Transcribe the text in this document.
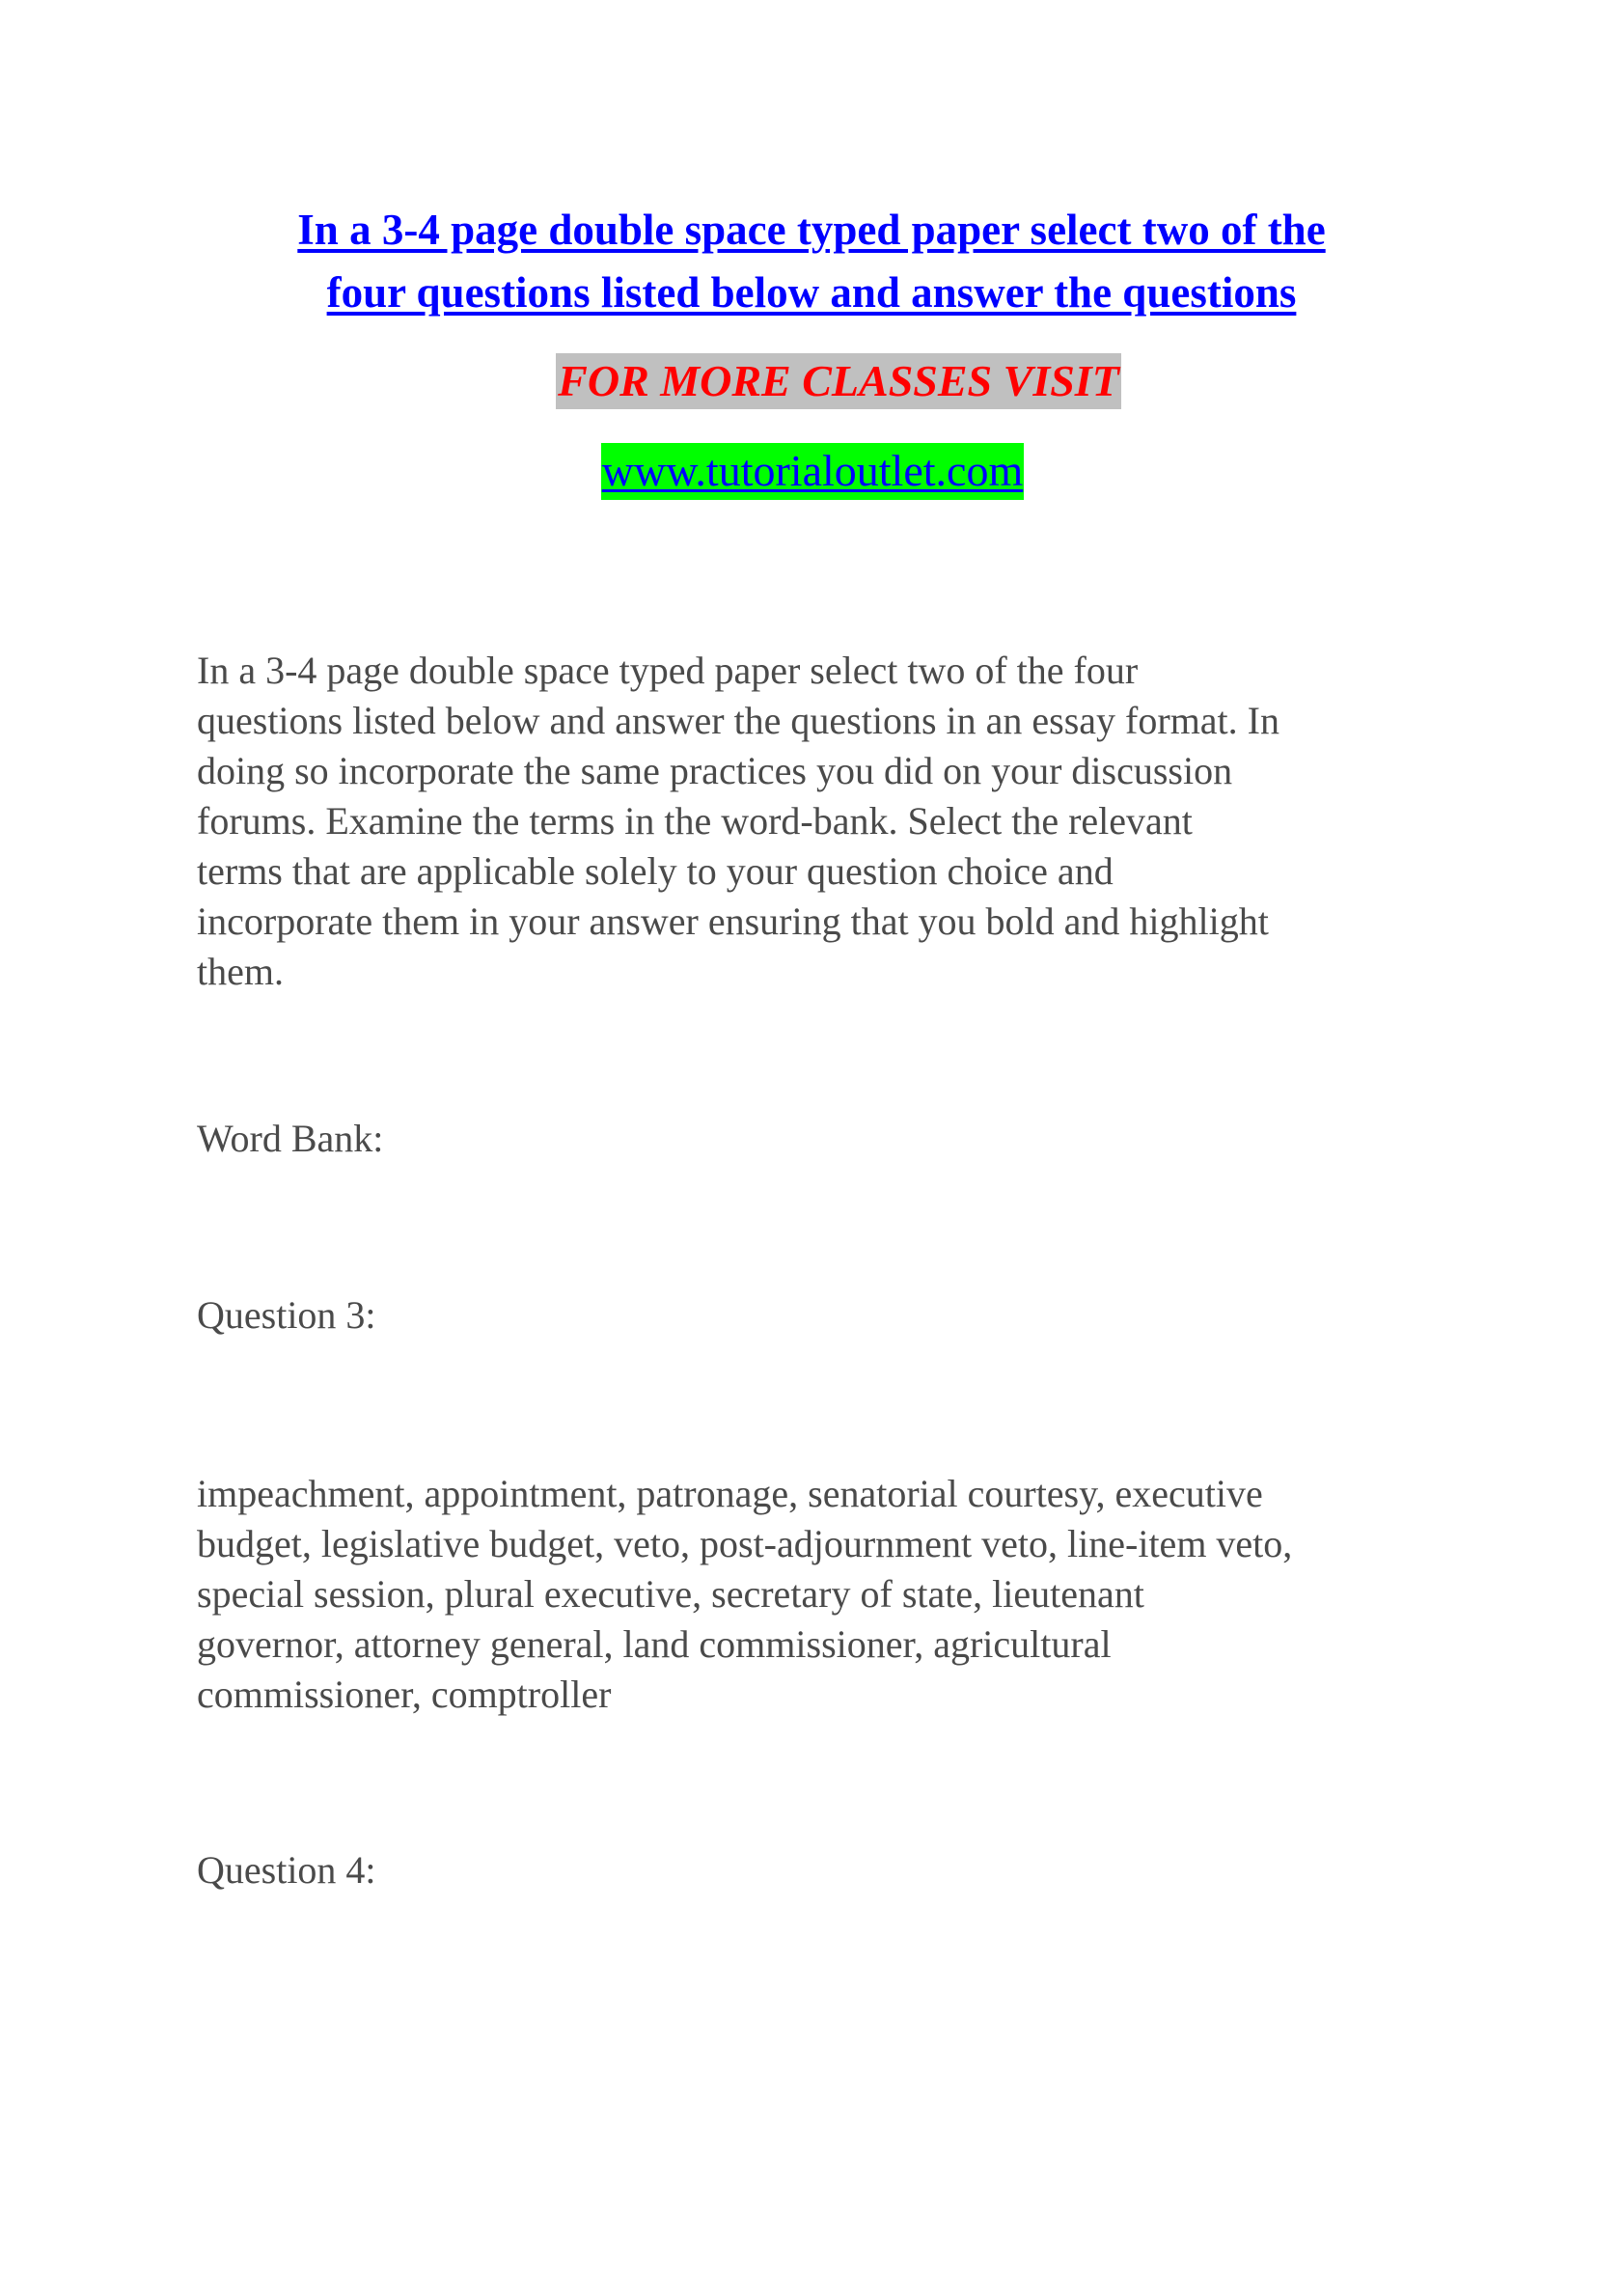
In a 3-4 page double space typed paper select two of the
four questions listed below and answer the questions
FOR MORE CLASSES VISIT
www.tutorialoutlet.com

In a 3-4 page double space typed paper select two of the four
questions listed below and answer the questions in an essay format. In
doing so incorporate the same practices you did on your discussion
forums. Examine the terms in the word-bank. Select the relevant
terms that are applicable solely to your question choice and
incorporate them in your answer ensuring that you bold and highlight
them.

Word Bank:

Question 3:

impeachment, appointment, patronage, senatorial courtesy, executive
budget, legislative budget, veto, post-adjournment veto, line-item veto,
special session, plural executive, secretary of state, lieutenant
governor, attorney general, land commissioner, agricultural
commissioner, comptroller

Question 4:
